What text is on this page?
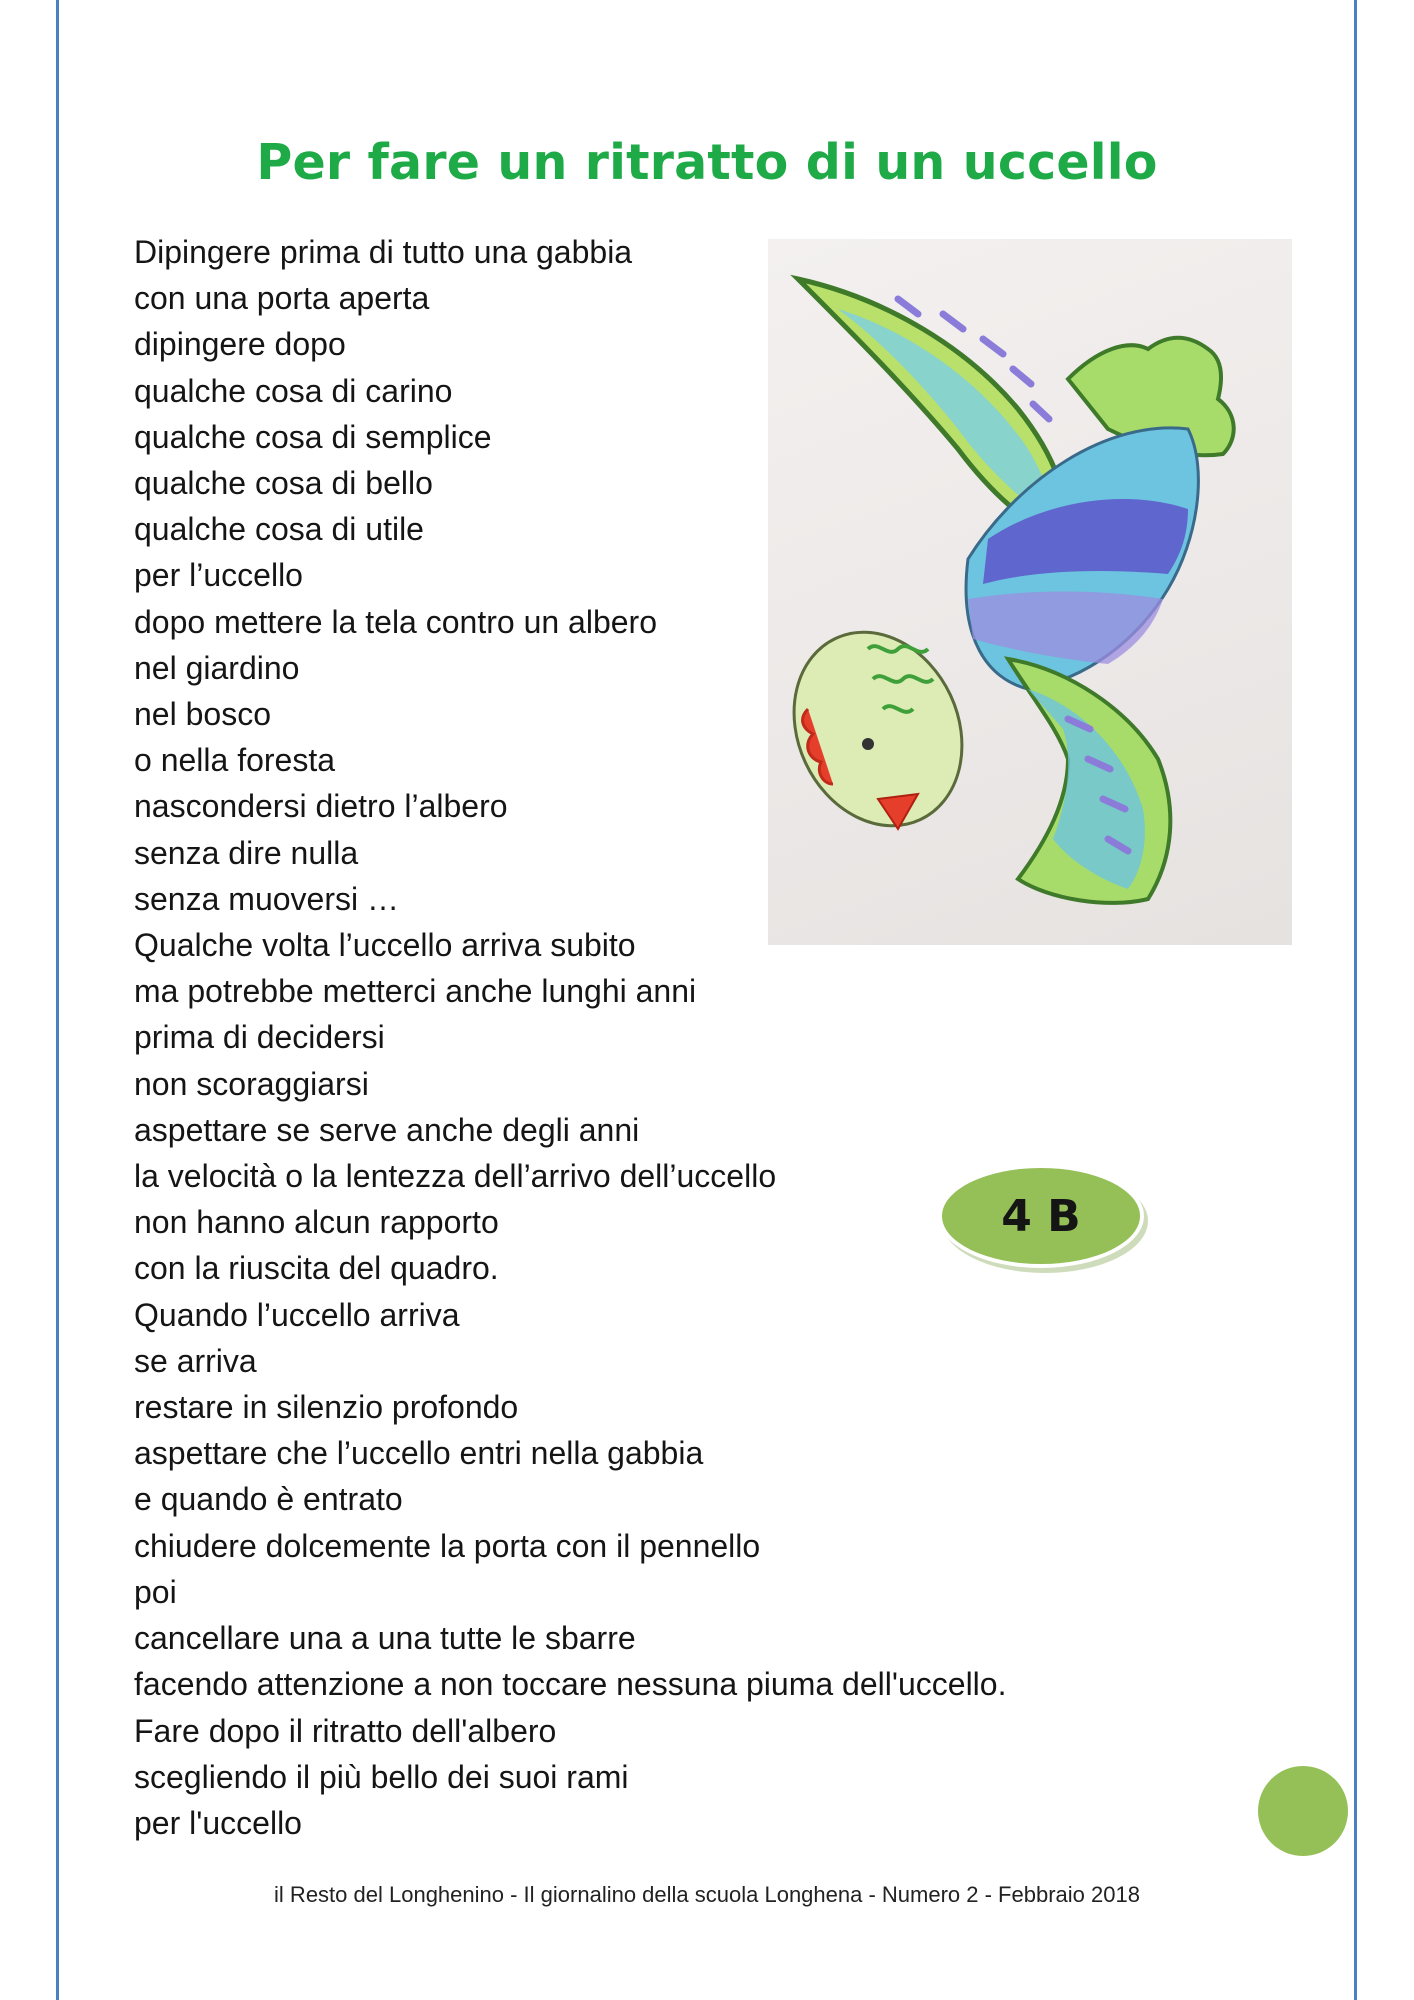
Per fare un ritratto di un uccello
Dipingere prima di tutto una gabbia
con una porta aperta
dipingere dopo
qualche cosa di carino
qualche cosa di semplice
qualche cosa di bello
qualche cosa di utile
per l’uccello
dopo mettere la tela contro un albero
nel giardino
nel bosco
o nella foresta
nascondersi dietro l’albero
senza dire nulla
senza muoversi …
Qualche volta l’uccello arriva subito
ma potrebbe metterci anche lunghi anni
prima di decidersi
non scoraggiarsi
aspettare se serve anche degli anni
la velocità o la lentezza dell’arrivo dell’uccello
non hanno alcun rapporto
con la riuscita del quadro.
Quando l’uccello arriva
se arriva
restare in silenzio profondo
aspettare che l’uccello entri nella gabbia
e quando è entrato
chiudere dolcemente la porta con il pennello
poi
cancellare una a una tutte le sbarre
facendo attenzione a non toccare nessuna piuma dell'uccello.
Fare dopo il ritratto dell'albero
scegliendo il più bello dei suoi rami
per l'uccello
4 B
il Resto del Longhenino - Il giornalino della scuola Longhena - Numero 2 - Febbraio 2018
